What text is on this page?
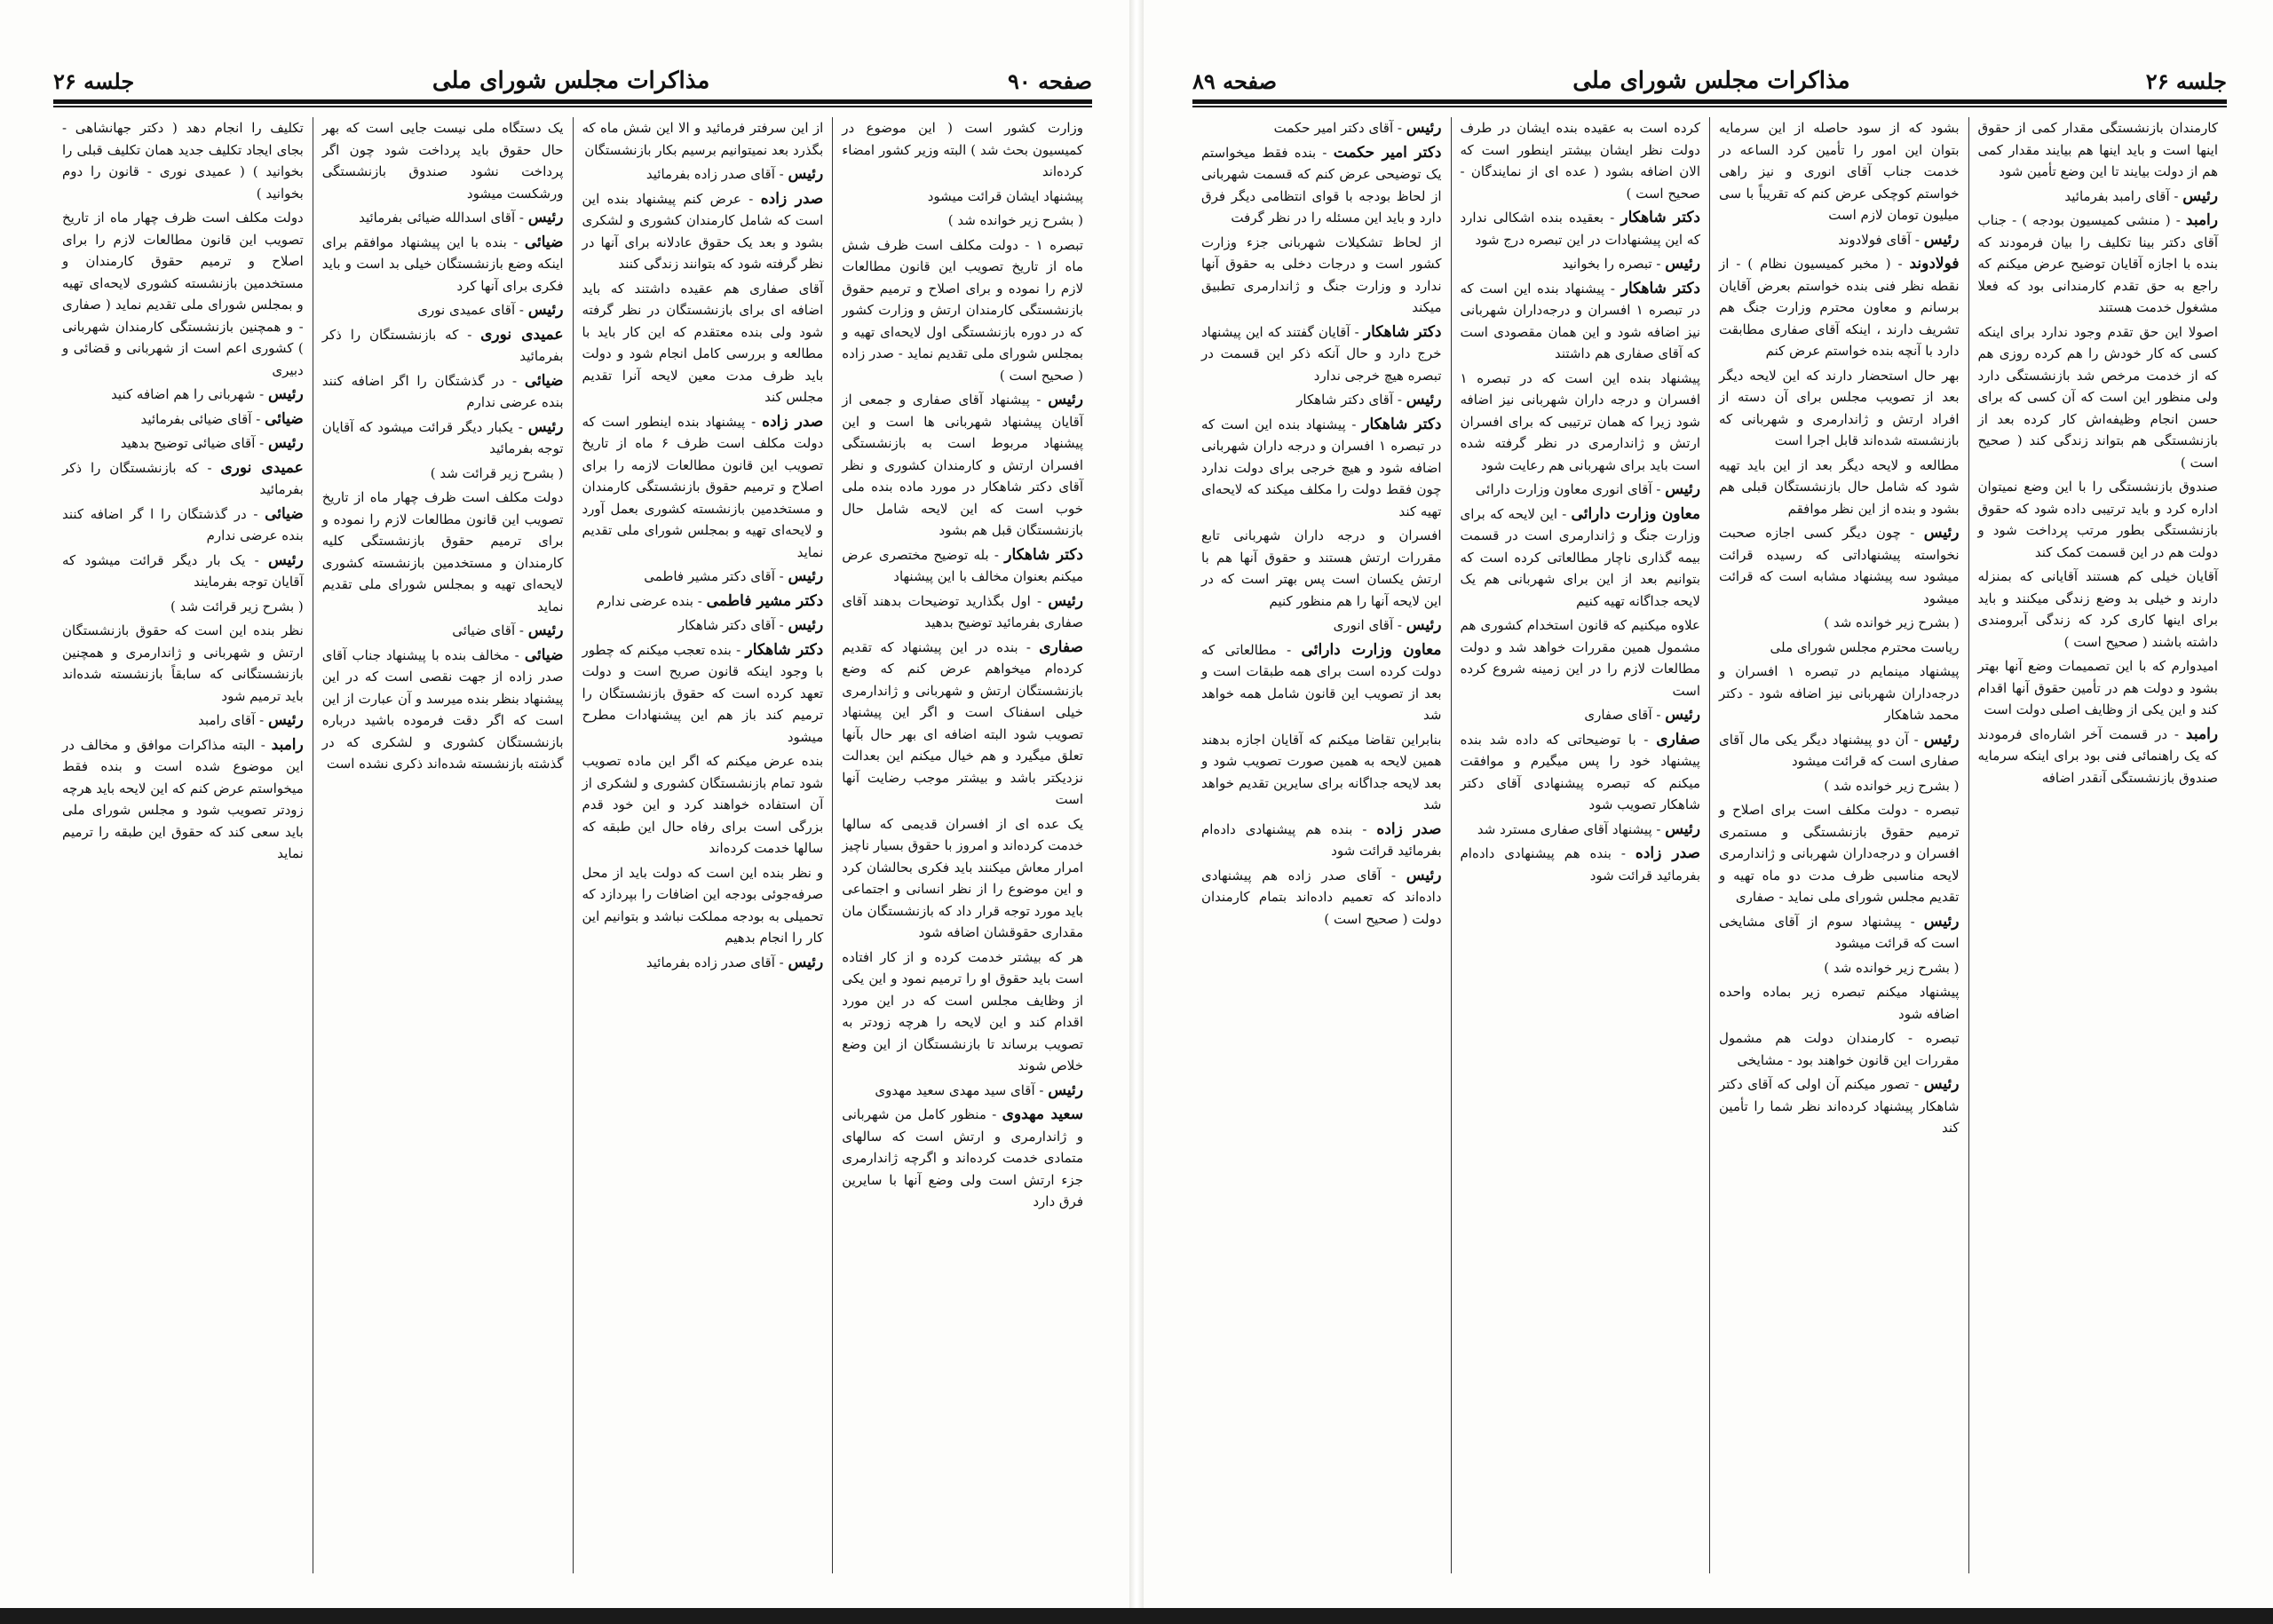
صفحه ۹۰
مذاکرات مجلس شورای ملی
جلسه ۲۶

وزارت کشور است ( این موضوع در کمیسیون بحث شد ) البته وزیر کشور امضاء کرده‌اند

پیشنهاد ایشان قرائت میشود

( بشرح زیر خوانده شد )

تبصره ۱ - دولت مکلف است ظرف شش ماه از تاریخ تصویب این قانون مطالعات لازم را نموده و برای اصلاح و ترمیم حقوق بازنشستگی کارمندان ارتش و وزارت کشور که در دوره بازنشستگی اول لایحه‌ای تهیه و بمجلس شورای ملی تقدیم نماید - صدر زاده ( صحیح است )

رئیس - پیشنهاد آقای صفاری و جمعی از آقایان پیشنهاد شهربانی ها است و این پیشنهاد مربوط است به بازنشستگی افسران ارتش و کارمندان کشوری و نظر آقای دکتر شاهکار در مورد ماده بنده ملی خوب است که این لایحه شامل حال بازنشستگان قبل هم بشود

دکتر شاهکار - بله توضیح مختصری عرض میکنم بعنوان مخالف با این پیشنهاد

رئیس - اول بگذارید توضیحات بدهند آقای صفاری بفرمائید توضیح بدهید

صفاری - بنده در این پیشنهاد که تقدیم کرده‌ام میخواهم عرض کنم که وضع بازنشستگان ارتش و شهربانی و ژاندارمری خیلی اسفناک است و اگر این پیشنهاد تصویب شود البته اضافه ای بهر حال بآنها تعلق میگیرد و هم خیال میکنم این بعدالت نزدیکتر باشد و بیشتر موجب رضایت آنها است

یک عده ای از افسران قدیمی که سالها خدمت کرده‌اند و امروز با حقوق بسیار ناچیز امرار معاش میکنند باید فکری بحالشان کرد و این موضوع را از نظر انسانی و اجتماعی باید مورد توجه قرار داد که بازنشستگان مان مقداری حقوقشان اضافه شود

هر که بیشتر خدمت کرده و از کار افتاده است باید حقوق او را ترمیم نمود و این یکی از وظایف مجلس است که در این مورد اقدام کند و این لایحه را هرچه زودتر به تصویب برساند تا بازنشستگان از این وضع خلاص شوند

رئیس - آقای سید مهدی سعید مهدوی

سعید مهدوی - منظور کامل من شهربانی و ژاندارمری و ارتش است که سالهای متمادی خدمت کرده‌اند و اگرچه ژاندارمری جزء ارتش است ولی وضع آنها با سایرین فرق دارد

از این سرفتر فرمائید و الا این شش ماه که بگذرد بعد نمیتوانیم برسیم بکار بازنشستگان

رئیس - آقای صدر زاده بفرمائید

صدر زاده - عرض کنم پیشنهاد بنده این است که شامل کارمندان کشوری و لشکری بشود و بعد یک حقوق عادلانه برای آنها در نظر گرفته شود که بتوانند زندگی کنند

آقای صفاری هم عقیده داشتند که باید اضافه ای برای بازنشستگان در نظر گرفته شود ولی بنده معتقدم که این کار باید با مطالعه و بررسی کامل انجام شود و دولت باید ظرف مدت معین لایحه آنرا تقدیم مجلس کند

صدر زاده - پیشنهاد بنده اینطور است که دولت مکلف است ظرف ۶ ماه از تاریخ تصویب این قانون مطالعات لازمه را برای اصلاح و ترمیم حقوق بازنشستگی کارمندان و مستخدمین بازنشسته کشوری بعمل آورد و لایحه‌ای تهیه و بمجلس شورای ملی تقدیم نماید

رئیس - آقای دکتر مشیر فاطمی

دکتر مشیر فاطمی - بنده عرضی ندارم

رئیس - آقای دکتر شاهکار

دکتر شاهکار - بنده تعجب میکنم که چطور با وجود اینکه قانون صریح است و دولت تعهد کرده است که حقوق بازنشستگان را ترمیم کند باز هم این پیشنهادات مطرح میشود

بنده عرض میکنم که اگر این ماده تصویب شود تمام بازنشستگان کشوری و لشکری از آن استفاده خواهند کرد و این خود قدم بزرگی است برای رفاه حال این طبقه که سالها خدمت کرده‌اند

و نظر بنده این است که دولت باید از محل صرفه‌جوئی بودجه این اضافات را بپردازد که تحمیلی به بودجه مملکت نباشد و بتوانیم این کار را انجام بدهیم

رئیس - آقای صدر زاده بفرمائید

یک دستگاه ملی نیست جایی است که بهر حال حقوق باید پرداخت شود چون اگر پرداخت نشود صندوق بازنشستگی ورشکست میشود

رئیس - آقای اسدالله ضیائی بفرمائید

ضیائی - بنده با این پیشنهاد موافقم برای اینکه وضع بازنشستگان خیلی بد است و باید فکری برای آنها کرد

رئیس - آقای عمیدی نوری

عمیدی نوری - که بازنشستگان را ذکر بفرمائید

ضیائی - در گذشتگان را اگر اضافه کنند بنده عرضی ندارم

رئیس - یکبار دیگر قرائت میشود که آقایان توجه بفرمائید

( بشرح زیر قرائت شد )

دولت مکلف است ظرف چهار ماه از تاریخ تصویب این قانون مطالعات لازم را نموده و برای ترمیم حقوق بازنشستگی کلیه کارمندان و مستخدمین بازنشسته کشوری لایحه‌ای تهیه و بمجلس شورای ملی تقدیم نماید

رئیس - آقای ضیائی

ضیائی - مخالف بنده با پیشنهاد جناب آقای صدر زاده از جهت نقصی است که در این پیشنهاد بنظر بنده میرسد و آن عبارت از این است که اگر دقت فرموده باشید درباره بازنشستگان کشوری و لشکری که در گذشته بازنشسته شده‌اند ذکری نشده است

تکلیف را انجام دهد ( دکتر جهانشاهی - بجای ایجاد تکلیف جدید همان تکلیف قبلی را بخوانید ) ( عمیدی نوری - قانون را دوم بخوانید )

دولت مکلف است ظرف چهار ماه از تاریخ تصویب این قانون مطالعات لازم را برای اصلاح و ترمیم حقوق کارمندان و مستخدمین بازنشسته کشوری لایحه‌ای تهیه و بمجلس شورای ملی تقدیم نماید ( صفاری - و همچنین بازنشستگی کارمندان شهربانی ) کشوری اعم است از شهربانی و قضائی و دبیری

رئیس - شهربانی را هم اضافه کنید

ضیائی - آقای ضیائی بفرمائید

رئیس - آقای ضیائی توضیح بدهید

عمیدی نوری - که بازنشستگان را ذکر بفرمائید

ضیائی - در گذشتگان را ا گر اضافه کنند بنده عرضی ندارم

رئیس - یک بار دیگر قرائت میشود که آقایان توجه بفرمایند

( بشرح زیر قرائت شد )

نظر بنده این است که حقوق بازنشستگان ارتش و شهربانی و ژاندارمری و همچنین بازنشستگانی که سابقاً بازنشسته شده‌اند باید ترمیم شود

رئیس - آقای رامبد

رامبد - البته مذاکرات موافق و مخالف در این موضوع شده است و بنده فقط میخواستم عرض کنم که این لایحه باید هرچه زودتر تصویب شود و مجلس شورای ملی باید سعی کند که حقوق این طبقه را ترمیم نماید

جلسه ۲۶
مذاکرات مجلس شورای ملی
صفحه ۸۹

کارمندان بازنشستگی مقدار کمی از حقوق اینها است و باید اینها هم بیایند مقدار کمی هم از دولت بیایند تا این وضع تأمین شود

رئیس - آقای رامبد بفرمائید

رامبد - ( منشی کمیسیون بودجه ) - جناب آقای دکتر بینا تکلیف را بیان فرمودند که بنده با اجازه آقایان توضیح عرض میکنم که راجع به حق تقدم کارمندانی بود که فعلا مشغول خدمت هستند

اصولا این حق تقدم وجود ندارد برای اینکه کسی که کار خودش را هم کرده روزی هم که از خدمت مرخص شد بازنشستگی دارد ولی منظور این است که آن کسی که برای حسن انجام وظیفه‌اش کار کرده بعد از بازنشستگی هم بتواند زندگی کند ( صحیح است )

صندوق بازنشستگی را با این وضع نمیتوان اداره کرد و باید ترتیبی داده شود که حقوق بازنشستگی بطور مرتب پرداخت شود و دولت هم در این قسمت کمک کند

آقایان خیلی کم هستند آقایانی که بمنزله دارند و خیلی بد وضع زندگی میکنند و باید برای اینها کاری کرد که زندگی آبرومندی داشته باشند ( صحیح است )

امیدوارم که با این تصمیمات وضع آنها بهتر بشود و دولت هم در تأمین حقوق آنها اقدام کند و این یکی از وظایف اصلی دولت است

رامبد - در قسمت آخر اشاره‌ای فرمودند که یک راهنمائی فنی بود برای اینکه سرمایه صندوق بازنشستگی آنقدر اضافه

بشود که از سود حاصله از این سرمایه بتوان این امور را تأمین کرد الساعه در خدمت جناب آقای انوری و نیز راهی خواستم کوچکی عرض کنم که تقریباً با سی میلیون تومان لازم است

رئیس - آقای فولادوند

فولادوند - ( مخبر کمیسیون نظام ) - از نقطه نظر فنی بنده خواستم بعرض آقایان برسانم و معاون محترم وزارت جنگ هم تشریف دارند ، اینکه آقای صفاری مطابقت دارد با آنچه بنده خواستم عرض کنم

بهر حال استحضار دارند که این لایحه دیگر بعد از تصویب مجلس برای آن دسته از افراد ارتش و ژاندارمری و شهربانی که بازنشسته شده‌اند قابل اجرا است

مطالعه و لایحه دیگر بعد از این باید تهیه شود که شامل حال بازنشستگان قبلی هم بشود و بنده از این نظر موافقم

رئیس - چون دیگر کسی اجازه صحبت نخواسته پیشنهاداتی که رسیده قرائت میشود سه پیشنهاد مشابه است که قرائت میشود

( بشرح زیر خوانده شد )

ریاست محترم مجلس شورای ملی

پیشنهاد مینمایم در تبصره ۱ افسران و درجه‌داران شهربانی نیز اضافه شود - دکتر محمد شاهکار

رئیس - آن دو پیشنهاد دیگر یکی مال آقای صفاری است که قرائت میشود

( بشرح زیر خوانده شد )

تبصره - دولت مکلف است برای اصلاح و ترمیم حقوق بازنشستگی و مستمری افسران و درجه‌داران شهربانی و ژاندارمری لایحه مناسبی ظرف مدت دو ماه تهیه و تقدیم مجلس شورای ملی نماید - صفاری

رئیس - پیشنهاد سوم از آقای مشایخی است که قرائت میشود

( بشرح زیر خوانده شد )

پیشنهاد میکنم تبصره زیر بماده واحده اضافه شود

تبصره - کارمندان دولت هم مشمول مقررات این قانون خواهند بود - مشایخی

رئیس - تصور میکنم آن اولی که آقای دکتر شاهکار پیشنهاد کرده‌اند نظر شما را تأمین کند

کرده است به عقیده بنده ایشان در طرف دولت نظر ایشان بیشتر اینطور است که الان اضافه بشود ( عده ای از نمایندگان - صحیح است )

دکتر شاهکار - بعقیده بنده اشکالی ندارد که این پیشنهادات در این تبصره درج شود

رئیس - تبصره را بخوانید

دکتر شاهکار - پیشنهاد بنده این است که در تبصره ۱ افسران و درجه‌داران شهربانی نیز اضافه شود و این همان مقصودی است که آقای صفاری هم داشتند

پیشنهاد بنده این است که در تبصره ۱ افسران و درجه داران شهربانی نیز اضافه شود زیرا که همان ترتیبی که برای افسران ارتش و ژاندارمری در نظر گرفته شده است باید برای شهربانی هم رعایت شود

رئیس - آقای انوری معاون وزارت دارائی

معاون وزارت دارائی - این لایحه که برای وزارت جنگ و ژاندارمری است در قسمت بیمه گذاری ناچار مطالعاتی کرده است که بتوانیم بعد از این برای شهربانی هم یک لایحه جداگانه تهیه کنیم

علاوه میکنیم که قانون استخدام کشوری هم مشمول همین مقررات خواهد شد و دولت مطالعات لازم را در این زمینه شروع کرده است

رئیس - آقای صفاری

صفاری - با توضیحاتی که داده شد بنده پیشنهاد خود را پس میگیرم و موافقت میکنم که تبصره پیشنهادی آقای دکتر شاهکار تصویب شود

رئیس - پیشنهاد آقای صفاری مسترد شد

صدر زاده - بنده هم پیشنهادی داده‌ام بفرمائید قرائت شود

رئیس - آقای دکتر امیر حکمت

دکتر امیر حکمت - بنده فقط میخواستم یک توضیحی عرض کنم که قسمت شهربانی از لحاظ بودجه با قوای انتظامی دیگر فرق دارد و باید این مسئله را در نظر گرفت

از لحاظ تشکیلات شهربانی جزء وزارت کشور است و درجات دخلی به حقوق آنها ندارد و وزارت جنگ و ژاندارمری تطبیق میکند

دکتر شاهکار - آقایان گفتند که این پیشنهاد خرج دارد و حال آنکه ذکر این قسمت در تبصره هیچ خرجی ندارد

رئیس - آقای دکتر شاهکار

دکتر شاهکار - پیشنهاد بنده این است که در تبصره ۱ افسران و درجه داران شهربانی اضافه شود و هیچ خرجی برای دولت ندارد چون فقط دولت را مکلف میکند که لایحه‌ای تهیه کند

افسران و درجه داران شهربانی تابع مقررات ارتش هستند و حقوق آنها هم با ارتش یکسان است پس بهتر است که در این لایحه آنها را هم منظور کنیم

رئیس - آقای انوری

معاون وزارت دارائی - مطالعاتی که دولت کرده است برای همه طبقات است و بعد از تصویب این قانون شامل همه خواهد شد

بنابراین تقاضا میکنم که آقایان اجازه بدهند همین لایحه به همین صورت تصویب شود و بعد لایحه جداگانه برای سایرین تقدیم خواهد شد

صدر زاده - بنده هم پیشنهادی داده‌ام بفرمائید قرائت شود

رئیس - آقای صدر زاده هم پیشنهادی داده‌اند که تعمیم داده‌اند بتمام کارمندان دولت ( صحیح است )
